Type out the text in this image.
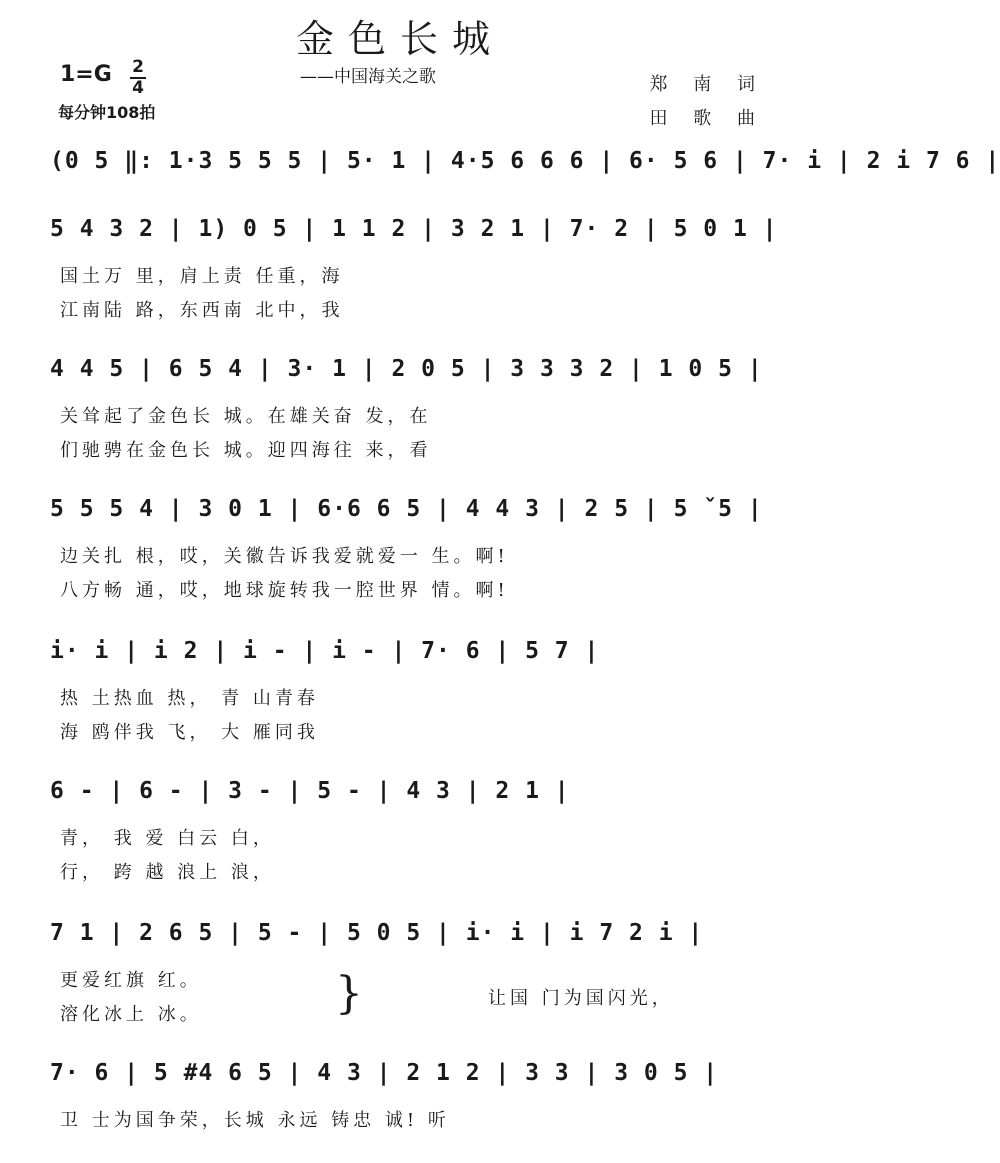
金色长城
1=G 2
4
——中国海关之歌
每分钟108拍
郑 南 词
田 歌 曲
(0 5 ‖: 1·3 5 5 5 | 5· 1 | 4·5 6 6 6 | 6· 5 6 | 7· i | 2 i 7 6 |
5 4 3 2 | 1) 0 5 | 1 1 2 | 3 2 1 | 7· 2 | 5 0 1 |
国土万 里，肩上责 任重，海
江南陆 路，东西南 北中，我
4 4 5 | 6 5 4 | 3· 1 | 2 0 5 | 3 3 3 2 | 1 0 5 |
关耸起了金色长 城。在雄关奋 发，在
们驰骋在金色长 城。迎四海往 来，看
5 5 5 4 | 3 0 1 | 6·6 6 5 | 4 4 3 | 2 5 | 5 ˇ5 |
边关扎 根，哎，关徽告诉我爱就爱一 生。啊!
八方畅 通，哎，地球旋转我一腔世界 情。啊!
i· i | i 2 | i - | i - | 7· 6 | 5 7 |
热 土热血 热， 青 山青春
海 鸥伴我 飞， 大 雁同我
6 - | 6 - | 3 - | 5 - | 4 3 | 2 1 |
青， 我 爱 白云 白，
行， 跨 越 浪上 浪，
7 1 | 2 6 5 | 5 - | 5 0 5 | i· i | i 7 2 i |
更爱红旗 红。
溶化冰上 冰。	}	让国 门为国闪光，
7· 6 | 5 #4 6 5 | 4 3 | 2 1 2 | 3 3 | 3 0 5 |
卫 士为国争荣，长城 永远 铸忠 诚! 听
